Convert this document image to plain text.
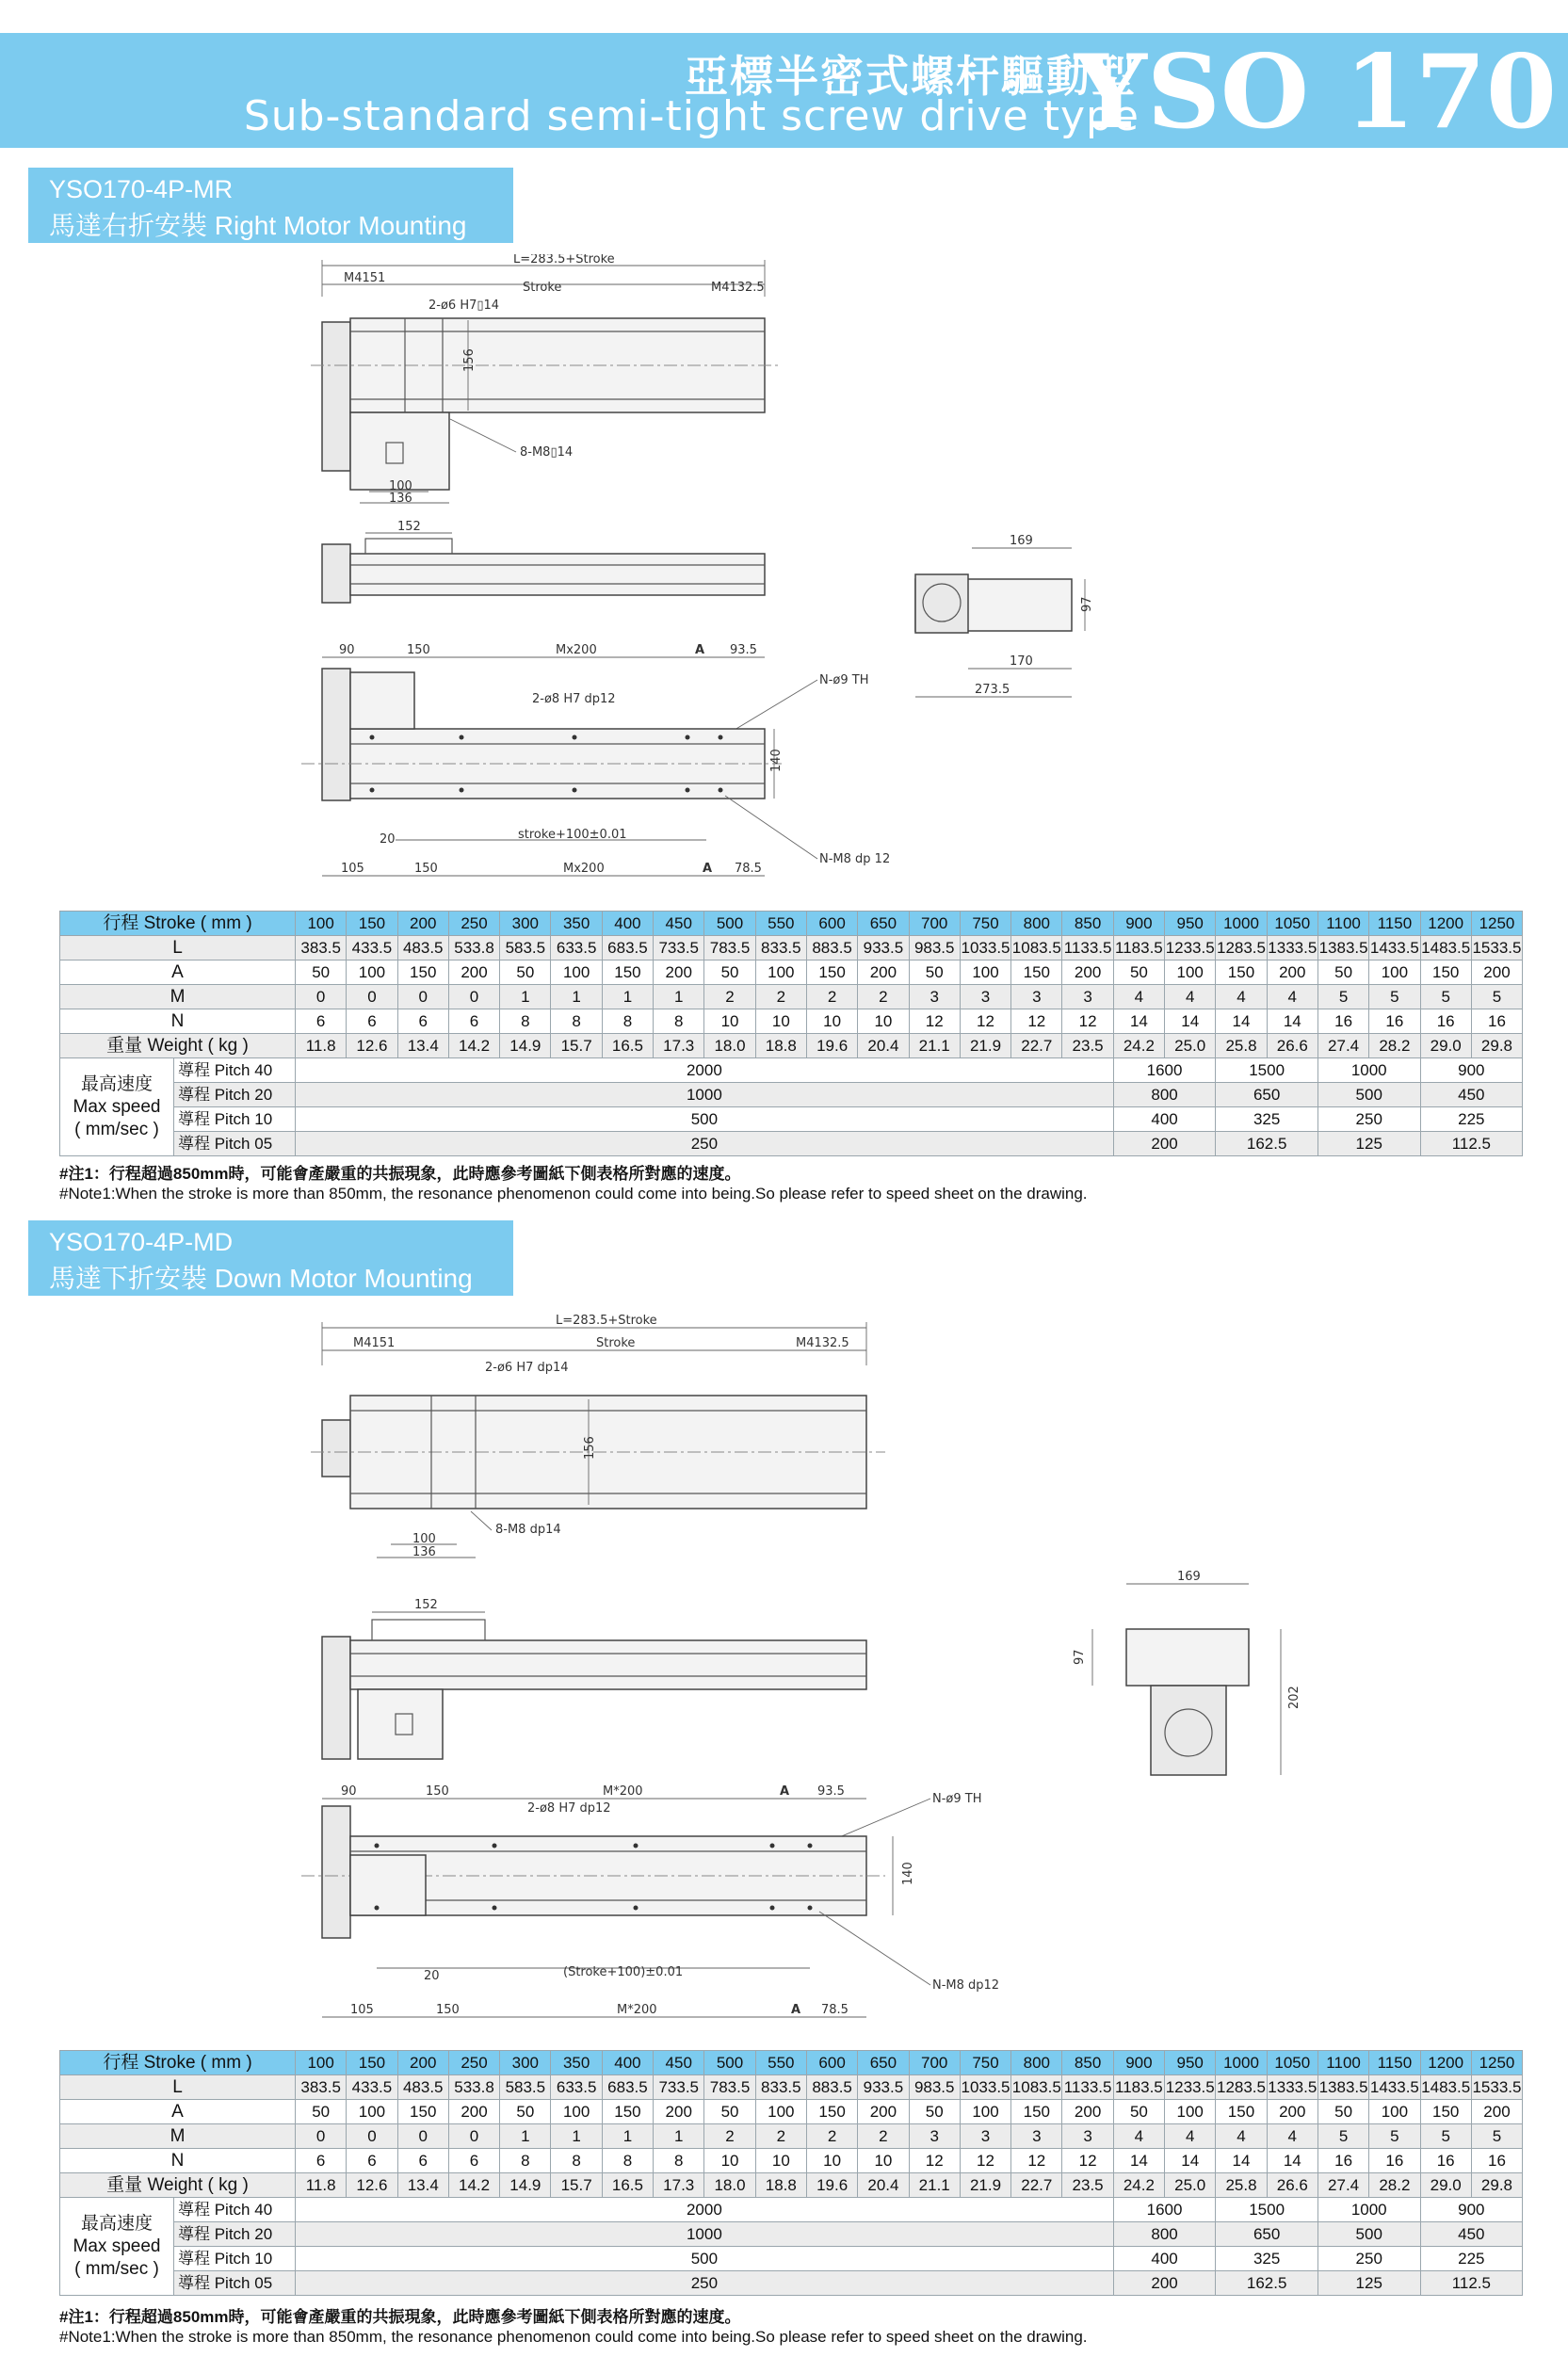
亞標半密式螺杆驅動型
Sub-standard semi-tight screw drive type
YSO 170
YSO170-4P-MR
馬達右折安裝 Right Motor Mounting
L=283.5+Stroke
M4151
Stroke	M4132.5
2-ø6 H7▯14
156
8-M8▯14
100
136
152
169
97
170
273.5
90	150	Mx200	A 93.5
N-ø9 TH
2-ø8 H7 dp12
140
20	stroke+100±0.01
N-M8 dp 12
105	150	Mx200	A 78.5
行程 Stroke ( mm )		100	150	200	250	300	350	400	450	500	550	600	650	700	750	800	850	900	950	1000	1050	1100	1150	1200	1250
L		383.5	433.5	483.5	533.8	583.5	633.5	683.5	733.5	783.5	833.5	883.5	933.5	983.5	1033.5	1083.5	1133.5	1183.5	1233.5	1283.5	1333.5	1383.5	1433.5	1483.5	1533.5
A		50	100	150	200	50	100	150	200	50	100	150	200	50	100	150	200	50	100	150	200	50	100	150	200
M		0	0	0	0	1	1	1	1	2	2	2	2	3	3	3	3	4	4	4	4	5	5	5	5
N		6	6	6	6	8	8	8	8	10	10	10	10	12	12	12	12	14	14	14	14	16	16	16	16
重量 Weight ( kg )		11.8	12.6	13.4	14.2	14.9	15.7	16.5	17.3	18.0	18.8	19.6	20.4	21.1	21.9	22.7	23.5	24.2	25.0	25.8	26.6	27.4	28.2	29.0	29.8

最高速度
Max speed
( mm/sec )	導程 Pitch 40	2000																1600		1500		1000		900	
	導程 Pitch 20	1000																800		650		500		450	
	導程 Pitch 10	500																400		325		250		225	
	導程 Pitch 05	250																200		162.5		125		112.5	
#注1：行程超過850mm時，可能會產嚴重的共振現象，此時應參考圖紙下側表格所對應的速度。
#Note1:When the stroke is more than 850mm, the resonance phenomenon could come into being.So please refer to speed sheet on the drawing.
YSO170-4P-MD
馬達下折安裝 Down Motor Mounting
L=283.5+Stroke
M4151	Stroke	M4132.5
2-ø6 H7 dp14
156
8-M8 dp14
100
136
152
169
97
202
90	150	M*200	A 93.5
N-ø9 TH
2-ø8 H7 dp12
140
20	(Stroke+100)±0.01
N-M8 dp12
105	150	M*200	A 78.5
行程 Stroke ( mm )		100	150	200	250	300	350	400	450	500	550	600	650	700	750	800	850	900	950	1000	1050	1100	1150	1200	1250
L		383.5	433.5	483.5	533.8	583.5	633.5	683.5	733.5	783.5	833.5	883.5	933.5	983.5	1033.5	1083.5	1133.5	1183.5	1233.5	1283.5	1333.5	1383.5	1433.5	1483.5	1533.5
A		50	100	150	200	50	100	150	200	50	100	150	200	50	100	150	200	50	100	150	200	50	100	150	200
M		0	0	0	0	1	1	1	1	2	2	2	2	3	3	3	3	4	4	4	4	5	5	5	5
N		6	6	6	6	8	8	8	8	10	10	10	10	12	12	12	12	14	14	14	14	16	16	16	16
重量 Weight ( kg )		11.8	12.6	13.4	14.2	14.9	15.7	16.5	17.3	18.0	18.8	19.6	20.4	21.1	21.9	22.7	23.5	24.2	25.0	25.8	26.6	27.4	28.2	29.0	29.8

最高速度
Max speed
( mm/sec )	導程 Pitch 40	2000																1600		1500		1000		900	
	導程 Pitch 20	1000																800		650		500		450	
	導程 Pitch 10	500																400		325		250		225	
	導程 Pitch 05	250																200		162.5		125		112.5	
#注1：行程超過850mm時，可能會產嚴重的共振現象，此時應參考圖紙下側表格所對應的速度。
#Note1:When the stroke is more than 850mm, the resonance phenomenon could come into being.So please refer to speed sheet on the drawing.
